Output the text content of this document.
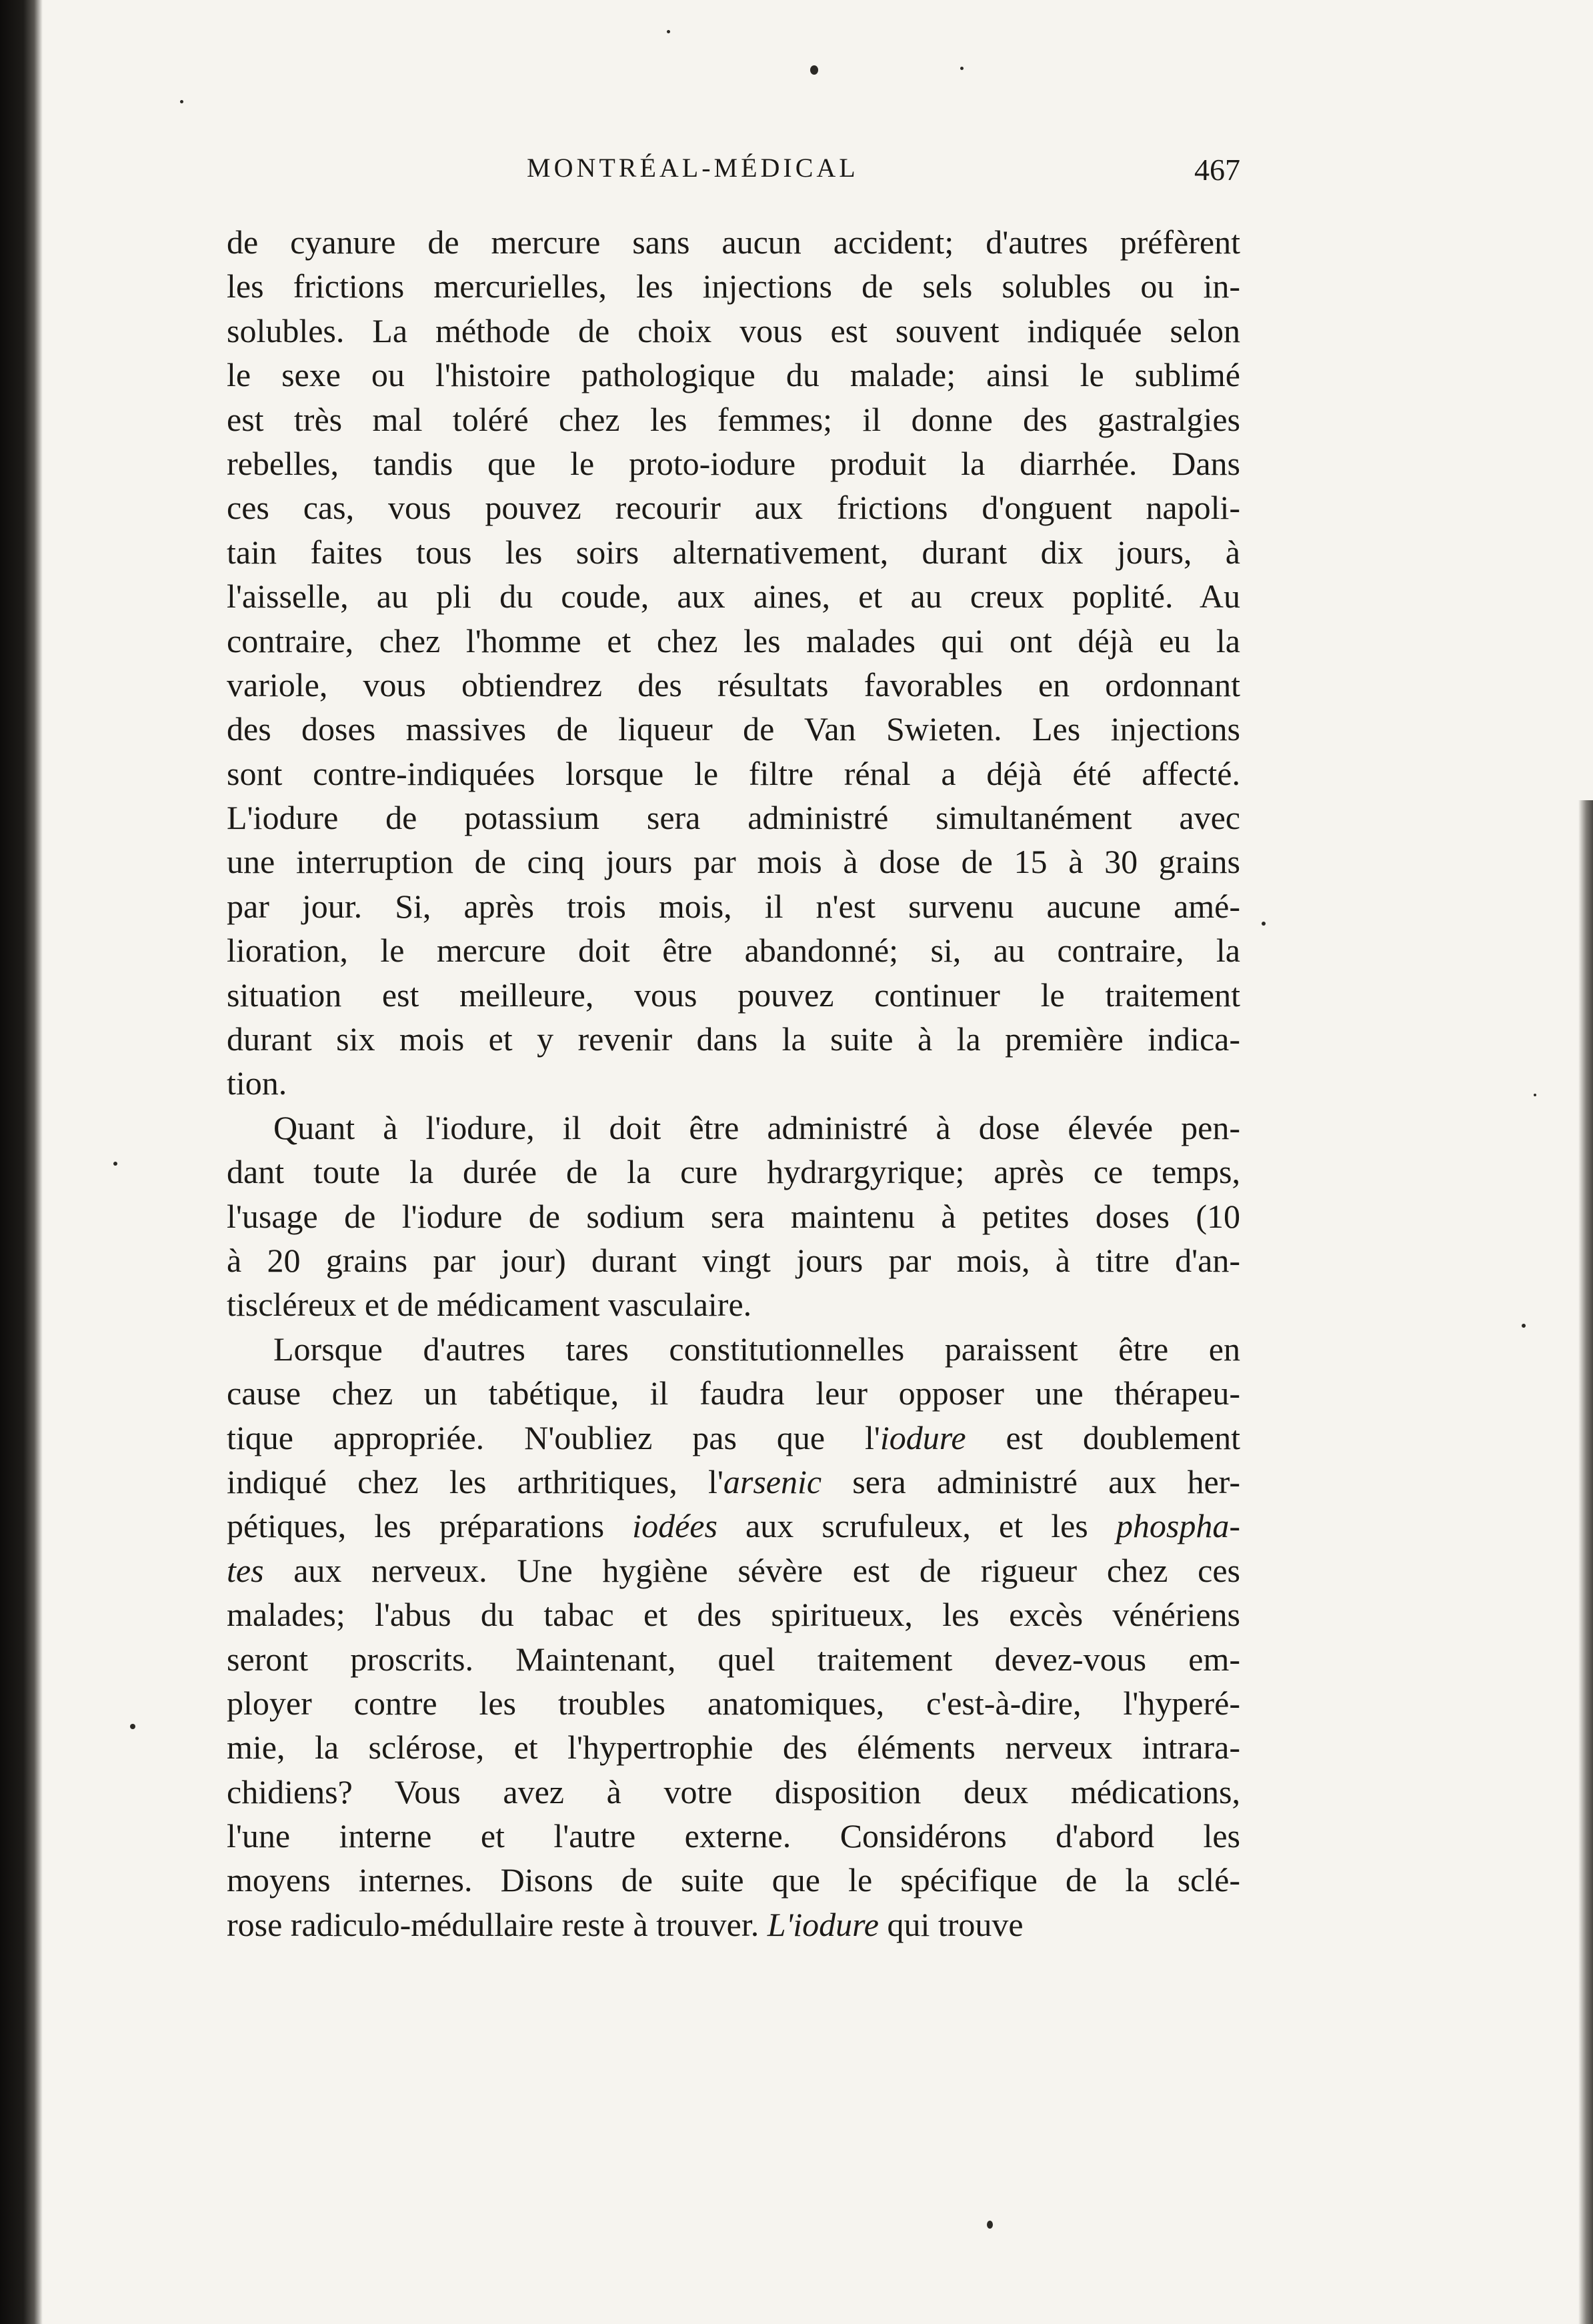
MONTRÉAL-MÉDICAL	467

de cyanure de mercure sans aucun accident; d'autres préfèrent
les frictions mercurielles, les injections de sels solubles ou in-
solubles. La méthode de choix vous est souvent indiquée selon
le sexe ou l'histoire pathologique du malade; ainsi le sublimé
est très mal toléré chez les femmes; il donne des gastralgies
rebelles, tandis que le proto-iodure produit la diarrhée. Dans
ces cas, vous pouvez recourir aux frictions d'onguent napoli-
tain faites tous les soirs alternativement, durant dix jours, à
l'aisselle, au pli du coude, aux aines, et au creux poplité. Au
contraire, chez l'homme et chez les malades qui ont déjà eu la
variole, vous obtiendrez des résultats favorables en ordonnant
des doses massives de liqueur de Van Swieten. Les injections
sont contre-indiquées lorsque le filtre rénal a déjà été affecté.
L'iodure de potassium sera administré simultanément avec
une interruption de cinq jours par mois à dose de 15 à 30 grains
par jour. Si, après trois mois, il n'est survenu aucune amé-
lioration, le mercure doit être abandonné; si, au contraire, la
situation est meilleure, vous pouvez continuer le traitement
durant six mois et y revenir dans la suite à la première indica-
tion.

Quant à l'iodure, il doit être administré à dose élevée pen-
dant toute la durée de la cure hydrargyrique; après ce temps,
l'usage de l'iodure de sodium sera maintenu à petites doses (10
à 20 grains par jour) durant vingt jours par mois, à titre d'an-
tiscléreux et de médicament vasculaire.

Lorsque d'autres tares constitutionnelles paraissent être en
cause chez un tabétique, il faudra leur opposer une thérapeu-
tique appropriée. N'oubliez pas que l'iodure est doublement
indiqué chez les arthritiques, l'arsenic sera administré aux her-
pétiques, les préparations iodées aux scrufuleux, et les phospha-
tes aux nerveux. Une hygiène sévère est de rigueur chez ces
malades; l'abus du tabac et des spiritueux, les excès vénériens
seront proscrits. Maintenant, quel traitement devez-vous em-
ployer contre les troubles anatomiques, c'est-à-dire, l'hyperé-
mie, la sclérose, et l'hypertrophie des éléments nerveux intrara-
chidiens? Vous avez à votre disposition deux médications,
l'une interne et l'autre externe. Considérons d'abord les
moyens internes. Disons de suite que le spécifique de la sclé-
rose radiculo-médullaire reste à trouver. L'iodure qui trouve
